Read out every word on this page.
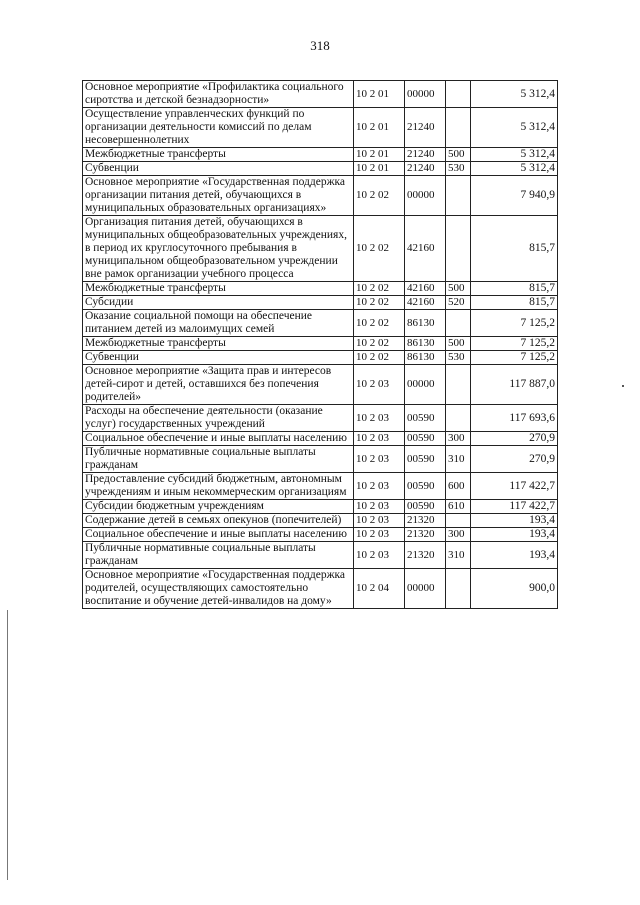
318
Основное мероприятие «Профилактика социального сиротства и детской безнадзорности»	10 2 01	00000		5 312,4
Осуществление управленческих функций по организации деятельности комиссий по делам несовершеннолетних	10 2 01	21240		5 312,4
Межбюджетные трансферты	10 2 01	21240	500	5 312,4
Субвенции	10 2 01	21240	530	5 312,4
Основное мероприятие «Государственная поддержка организации питания детей, обучающихся в муниципальных образовательных организациях»	10 2 02	00000		7 940,9
Организация питания детей, обучающихся в муниципальных общеобразовательных учреждениях, в период их круглосуточного пребывания в муниципальном общеобразовательном учреждении вне рамок организации учебного процесса	10 2 02	42160		815,7
Межбюджетные трансферты	10 2 02	42160	500	815,7
Субсидии	10 2 02	42160	520	815,7
Оказание социальной помощи на обеспечение питанием детей из малоимущих семей	10 2 02	86130		7 125,2
Межбюджетные трансферты	10 2 02	86130	500	7 125,2
Субвенции	10 2 02	86130	530	7 125,2
Основное мероприятие «Защита прав и интересов детей-сирот и детей, оставшихся без попечения родителей»	10 2 03	00000		117 887,0
Расходы на обеспечение деятельности (оказание услуг) государственных учреждений	10 2 03	00590		117 693,6
Социальное обеспечение и иные выплаты населению	10 2 03	00590	300	270,9
Публичные нормативные социальные выплаты гражданам	10 2 03	00590	310	270,9
Предоставление субсидий бюджетным, автономным учреждениям и иным некоммерческим организациям	10 2 03	00590	600	117 422,7
Субсидии бюджетным учреждениям	10 2 03	00590	610	117 422,7
Содержание детей в семьях опекунов (попечителей)	10 2 03	21320		193,4
Социальное обеспечение и иные выплаты населению	10 2 03	21320	300	193,4
Публичные нормативные социальные выплаты гражданам	10 2 03	21320	310	193,4
Основное мероприятие «Государственная поддержка родителей, осуществляющих самостоятельно воспитание и обучение детей-инвалидов на дому»	10 2 04	00000		900,0
